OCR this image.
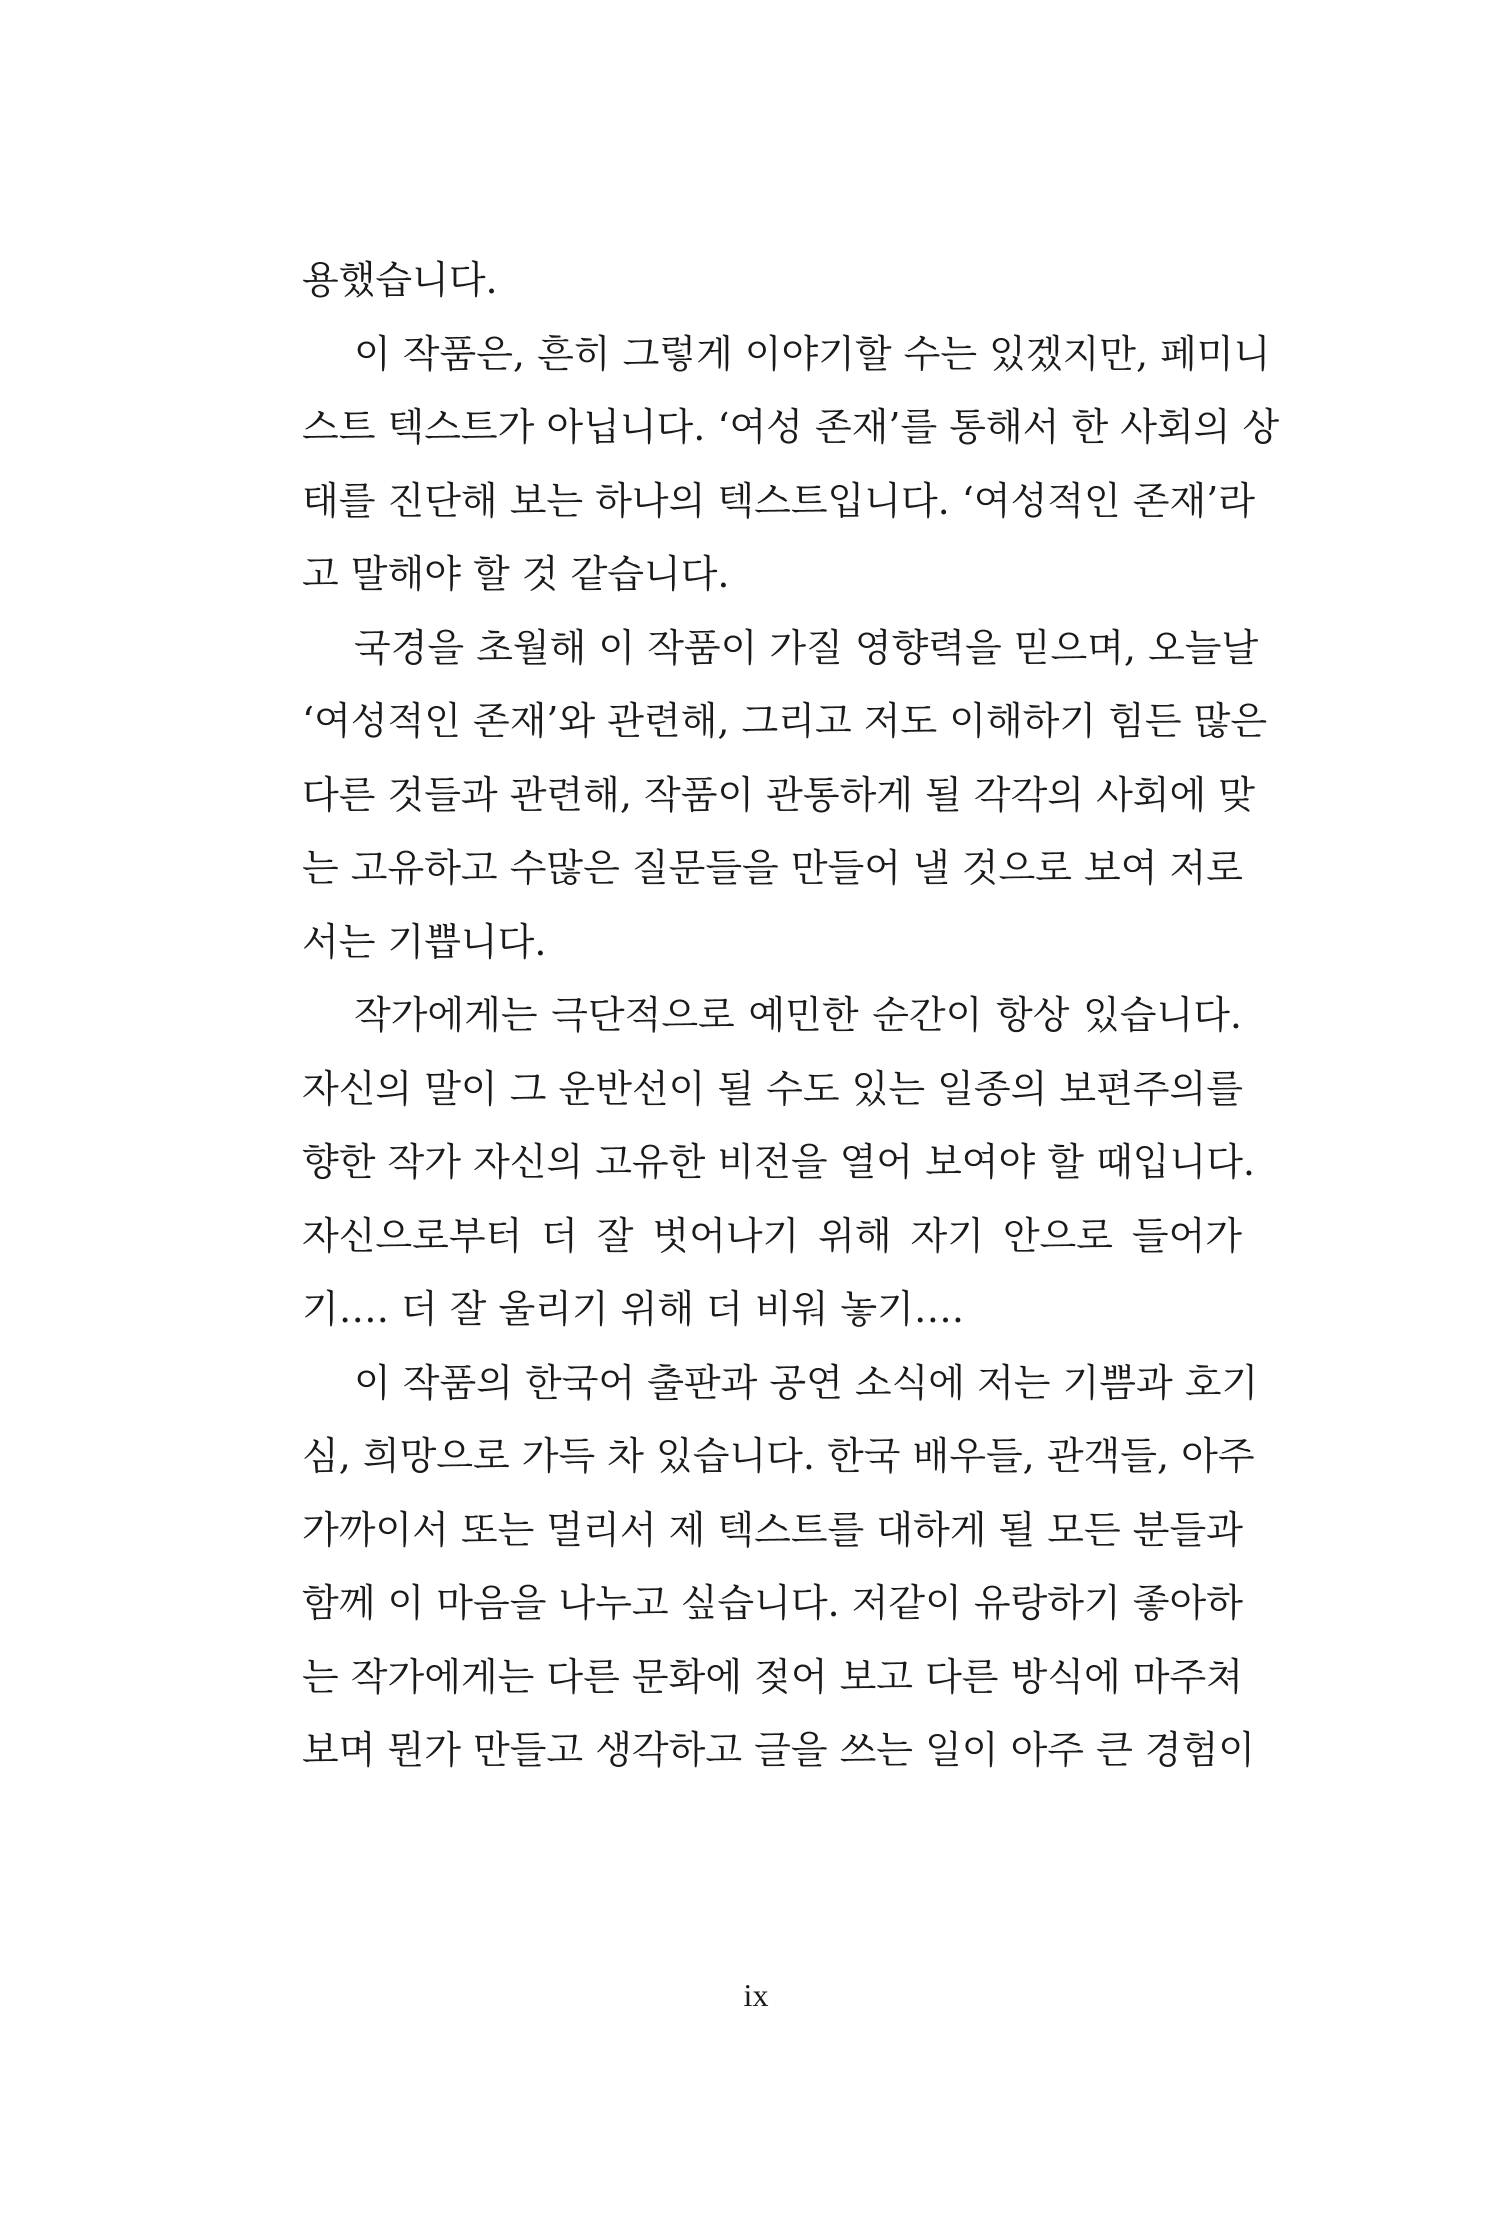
용했습니다.
이 작품은, 흔히 그렇게 이야기할 수는 있겠지만, 페미니
스트 텍스트가 아닙니다. ‘여성 존재’를 통해서 한 사회의 상
태를 진단해 보는 하나의 텍스트입니다. ‘여성적인 존재’라
고 말해야 할 것 같습니다.
국경을 초월해 이 작품이 가질 영향력을 믿으며, 오늘날
‘여성적인 존재’와 관련해, 그리고 저도 이해하기 힘든 많은
다른 것들과 관련해, 작품이 관통하게 될 각각의 사회에 맞
는 고유하고 수많은 질문들을 만들어 낼 것으로 보여 저로
서는 기쁩니다.
작가에게는 극단적으로 예민한 순간이 항상 있습니다.
자신의 말이 그 운반선이 될 수도 있는 일종의 보편주의를
향한 작가 자신의 고유한 비전을 열어 보여야 할 때입니다.
자신으로부터 더 잘 벗어나기 위해 자기 안으로 들어가
기…. 더 잘 울리기 위해 더 비워 놓기….
이 작품의 한국어 출판과 공연 소식에 저는 기쁨과 호기
심, 희망으로 가득 차 있습니다. 한국 배우들, 관객들, 아주
가까이서 또는 멀리서 제 텍스트를 대하게 될 모든 분들과
함께 이 마음을 나누고 싶습니다. 저같이 유랑하기 좋아하
는 작가에게는 다른 문화에 젖어 보고 다른 방식에 마주쳐
보며 뭔가 만들고 생각하고 글을 쓰는 일이 아주 큰 경험이
ix
